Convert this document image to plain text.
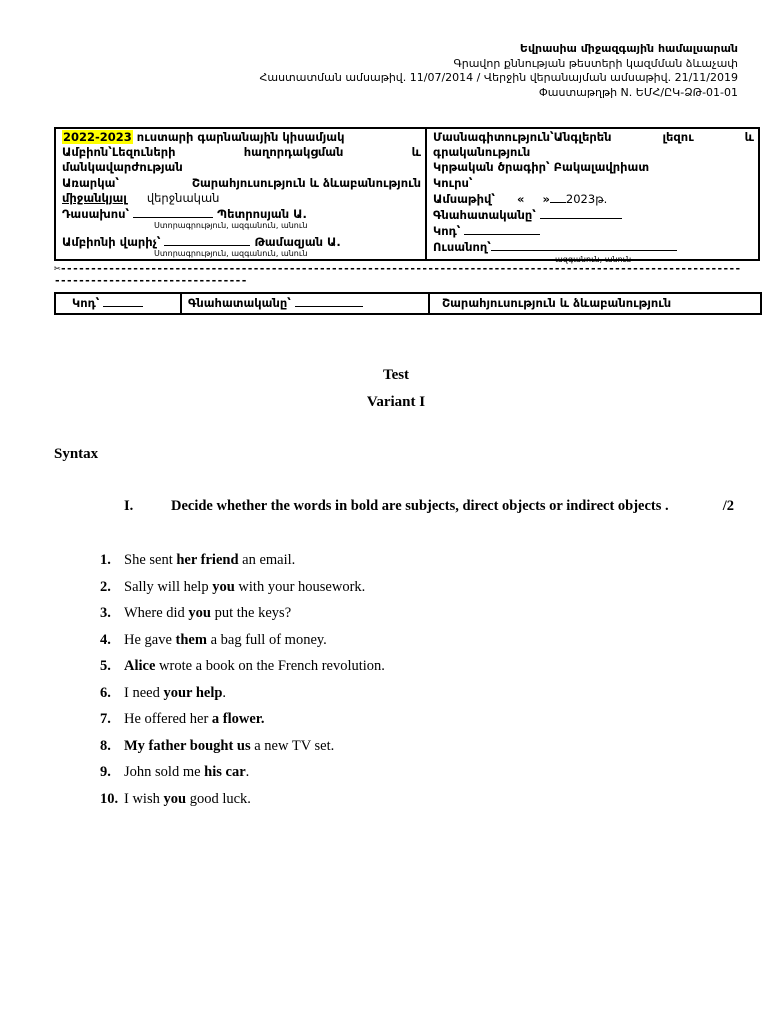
Եվրասիա միջազգային համալսարան
Գրավոր քննության թեստերի կազմման ձևաչափ
Հաստատման ամսաթիվ. 11/07/2014 / Վերջին վերանայման ամսաթիվ. 21/11/2019
Փաստաթղթի N. ԵՄՀ/ԸԿ-ՁԹ-01-01
2022-2023 ուստարի գարնանային կիսամյակ
Ամբիոն՝Լեզուների	հաղորդակցման	և
մանկավարժության
Առարկա՝	Շարահյուսություն և ձևաբանություն
միջանկյալ վերջնական
Դասախոս՝	Պետրոսյան Ա.
Ստորագրություն, ազգանուն, անուն
Ամբիոնի վարիչ՝	Թամազյան Ա.
Ստորագրություն, ազգանուն, անուն
Մասնագիտություն՝Անգլերեն	լեզու	և
գրականություն
Կրթական ծրագիր՝ Բակալավրիատ
Կուրս՝
Ամսաթիվ՝ « » 2023թ.
Գնահատականը՝
Կոդ՝
Ուսանող՝
ազգանուն, անուն
✂-------------------------------------------------------------------------------------------------------------------------------------------------
Կոդ՝	Գնահատականը՝	Շարահյուսություն և ձևաբանություն
Test
Variant I
Syntax
I.	Decide whether the words in bold are subjects, direct objects or indirect objects .	/2
1. She sent her friend an email.
2. Sally will help you with your housework.
3. Where did you put the keys?
4. He gave them a bag full of money.
5. Alice wrote a book on the French revolution.
6. I need your help.
7. He offered her a flower.
8. My father bought us a new TV set.
9. John sold me his car.
10. I wish you good luck.
